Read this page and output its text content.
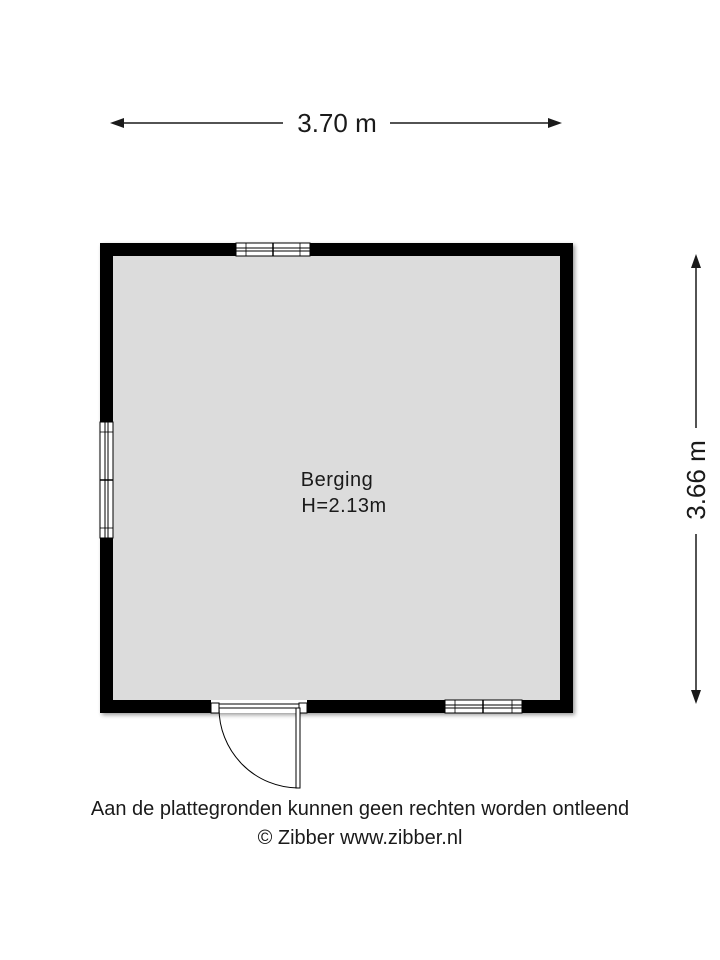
3.70 m
3.66 m
Berging
H=2.13m
Aan de plattegronden kunnen geen rechten worden ontleend
© Zibber www.zibber.nl
